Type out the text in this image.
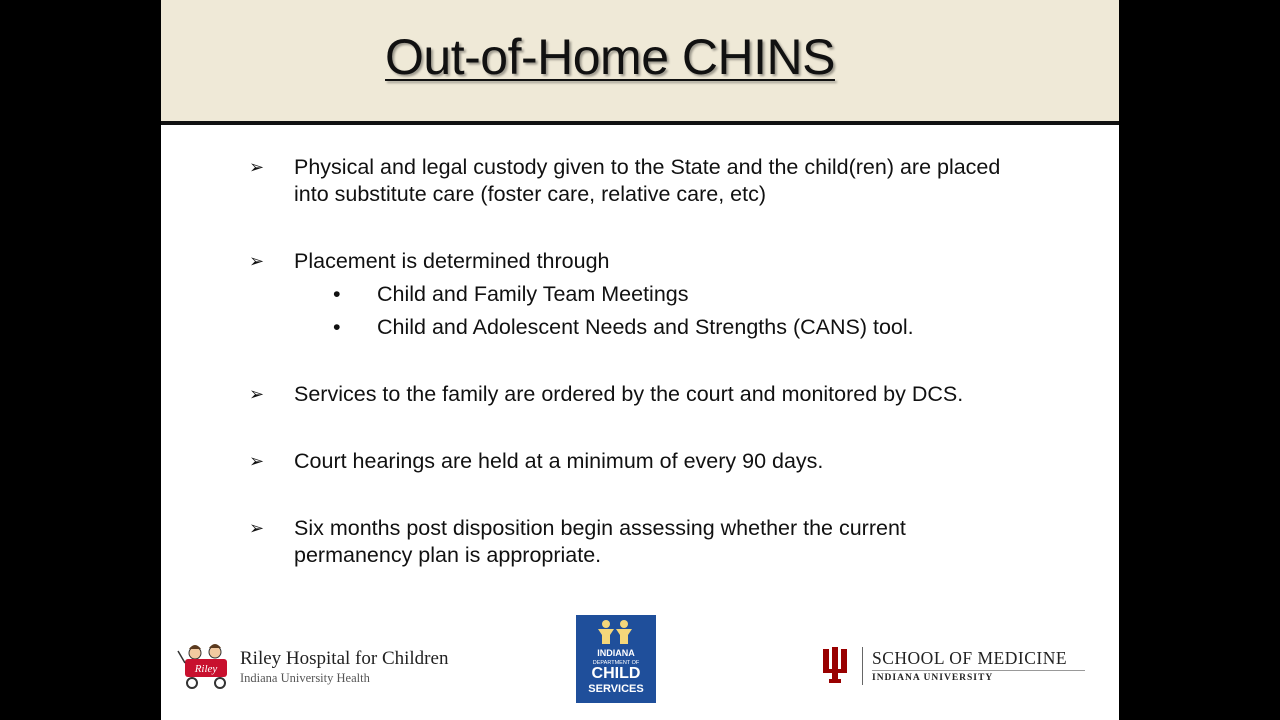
Out-of-Home CHINS
➢ Physical and legal custody given to the State and the child(ren) are placed into substitute care (foster care, relative care, etc)
➢ Placement is determined through
• Child and Family Team Meetings
• Child and Adolescent Needs and Strengths (CANS) tool.
➢ Services to the family are ordered by the court and monitored by DCS.
➢ Court hearings are held at a minimum of every 90 days.
➢ Six months post disposition begin assessing whether the current permanency plan is appropriate.
Riley Riley Hospital for Children
Indiana University Health
INDIANA
DEPARTMENT OF
CHILD
SERVICES
SCHOOL OF MEDICINE
INDIANA UNIVERSITY
